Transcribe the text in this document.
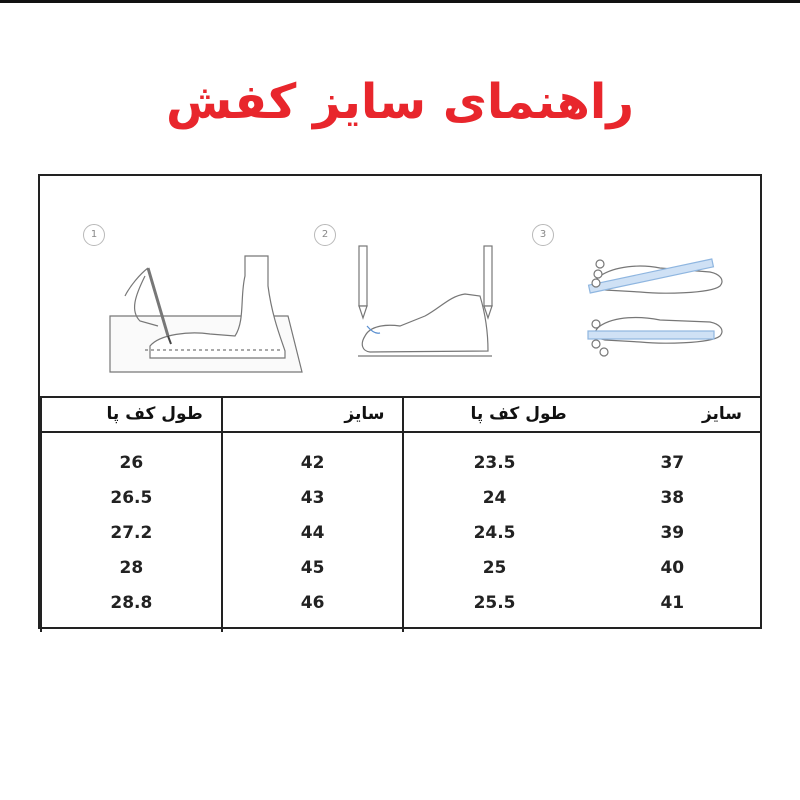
راهنمای سایز کفش
1	2	3
سایز	طول کف پا	سایز	طول کف پا

37	23.5	42	26
38	24	43	26.5
39	24.5	44	27.2
40	25	45	28
41	25.5	46	28.8
